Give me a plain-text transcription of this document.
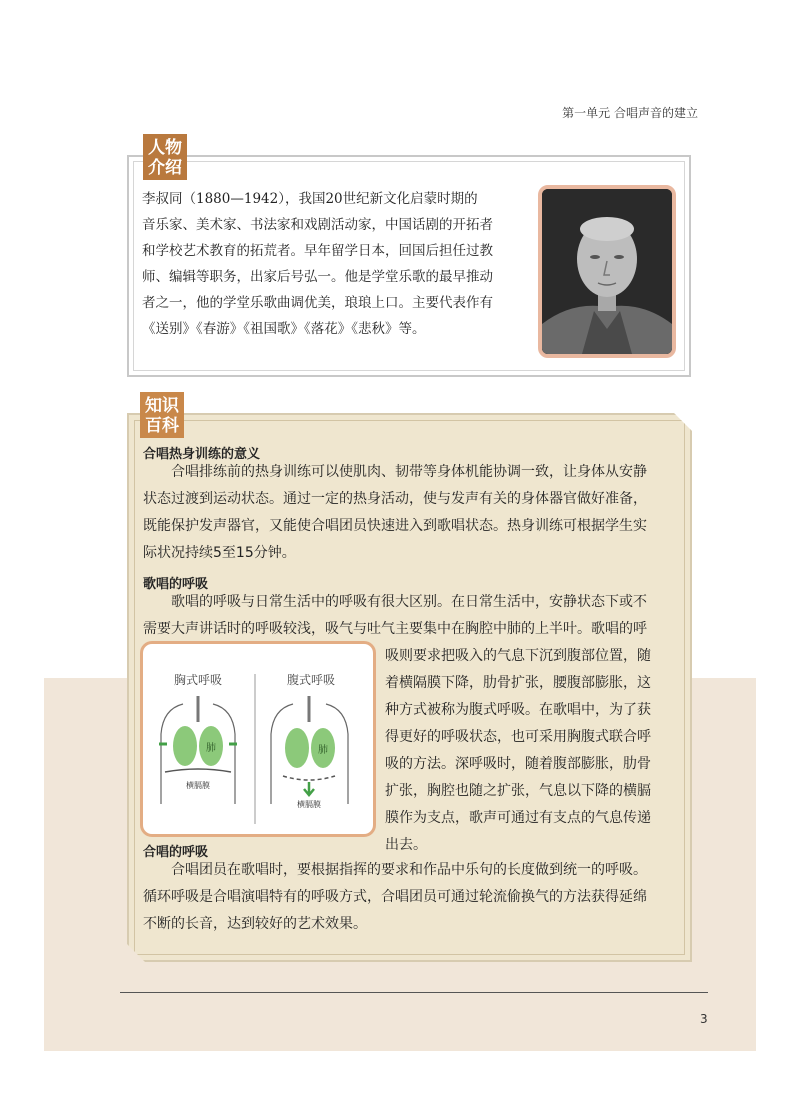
第一单元 合唱声音的建立
人物
介绍
李叔同（1880—1942），我国20世纪新文化启蒙时期的
音乐家、美术家、书法家和戏剧活动家，中国话剧的开拓者
和学校艺术教育的拓荒者。早年留学日本，回国后担任过教
师、编辑等职务，出家后号弘一。他是学堂乐歌的最早推动
者之一，他的学堂乐歌曲调优美，琅琅上口。主要代表作有
《送别》《春游》《祖国歌》《落花》《悲秋》等。
知识
百科
合唱热身训练的意义
　　合唱排练前的热身训练可以使肌肉、韧带等身体机能协调一致，让身体从安静
状态过渡到运动状态。通过一定的热身活动，使与发声有关的身体器官做好准备，
既能保护发声器官，又能使合唱团员快速进入到歌唱状态。热身训练可根据学生实
际状况持续5至15分钟。
歌唱的呼吸
　　歌唱的呼吸与日常生活中的呼吸有很大区别。在日常生活中，安静状态下或不
需要大声讲话时的呼吸较浅，吸气与吐气主要集中在胸腔中肺的上半叶。歌唱的呼
吸则要求把吸入的气息下沉到腹部位置，随
着横隔膜下降，肋骨扩张，腰腹部膨胀，这
种方式被称为腹式呼吸。在歌唱中，为了获
得更好的呼吸状态，也可采用胸腹式联合呼
吸的方法。深呼吸时，随着腹部膨胀，肋骨
扩张，胸腔也随之扩张，气息以下降的横膈
膜作为支点，歌声可通过有支点的气息传递
出去。
胸式呼吸	腹式呼吸
肺
横膈膜
肺
横膈膜
合唱的呼吸
　　合唱团员在歌唱时，要根据指挥的要求和作品中乐句的长度做到统一的呼吸。
循环呼吸是合唱演唱特有的呼吸方式，合唱团员可通过轮流偷换气的方法获得延绵
不断的长音，达到较好的艺术效果。
3
